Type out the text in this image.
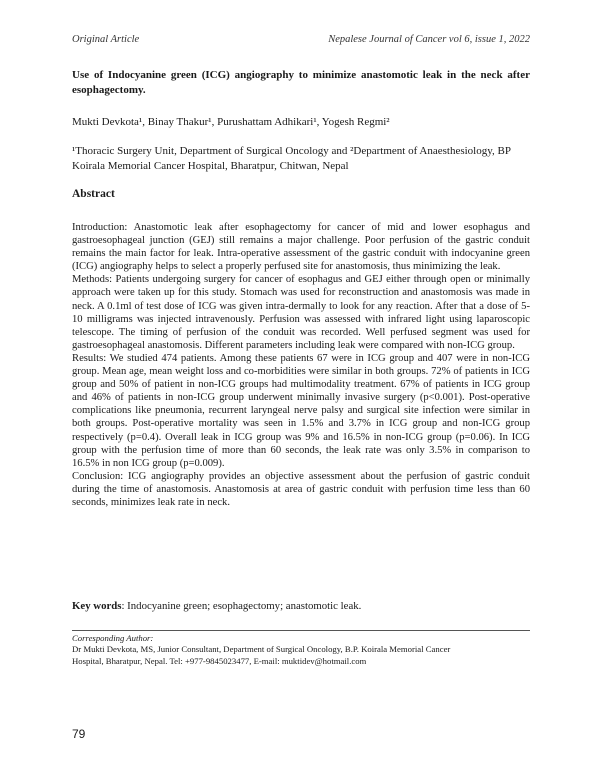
Original Article	Nepalese Journal of Cancer vol 6, issue 1, 2022
Use of Indocyanine green (ICG) angiography to minimize anastomotic leak in the neck after esophagectomy.
Mukti Devkota¹, Binay Thakur¹, Purushattam Adhikari¹, Yogesh Regmi²
¹Thoracic Surgery Unit, Department of Surgical Oncology and ²Department of Anaesthesiology, BP Koirala Memorial Cancer Hospital, Bharatpur, Chitwan, Nepal
Abstract

Introduction: Anastomotic leak after esophagectomy for cancer of mid and lower esophagus and gastroesophageal junction (GEJ) still remains a major challenge. Poor perfusion of the gastric conduit remains the main factor for leak. Intra-operative assessment of the gastric conduit with indocyanine green (ICG) angiography helps to select a properly perfused site for anastomosis, thus minimizing the leak.

Methods: Patients undergoing surgery for cancer of esophagus and GEJ either through open or minimally approach were taken up for this study. Stomach was used for reconstruction and anastomosis was made in neck. A 0.1ml of test dose of ICG was given intra-dermally to look for any reaction. After that a dose of 5-10 milligrams was injected intravenously. Perfusion was assessed with infrared light using laparoscopic telescope. The timing of perfusion of the conduit was recorded. Well perfused segment was used for gastroesophageal anastomosis. Different parameters including leak were compared with non-ICG group.

Results: We studied 474 patients. Among these patients 67 were in ICG group and 407 were in non-ICG group. Mean age, mean weight loss and co-morbidities were similar in both groups. 72% of patients in ICG group and 50% of patient in non-ICG groups had multimodality treatment. 67% of patients in ICG group and 46% of patients in non-ICG group underwent minimally invasive surgery (p<0.001). Post-operative complications like pneumonia, recurrent laryngeal nerve palsy and surgical site infection were similar in both groups. Post-operative mortality was seen in 1.5% and 3.7% in ICG group and non-ICG group respectively (p=0.4). Overall leak in ICG group was 9% and 16.5% in non-ICG group (p=0.06). In ICG group with the perfusion time of more than 60 seconds, the leak rate was only 3.5% in comparison to 16.5% in non ICG group (p=0.009).

Conclusion: ICG angiography provides an objective assessment about the perfusion of gastric conduit during the time of anastomosis. Anastomosis at area of gastric conduit with perfusion time less than 60 seconds, minimizes leak rate in neck.

Key words: Indocyanine green; esophagectomy; anastomotic leak.
Corresponding Author:
Dr Mukti Devkota, MS, Junior Consultant, Department of Surgical Oncology, B.P. Koirala Memorial Cancer
Hospital, Bharatpur, Nepal. Tel: +977-9845023477, E-mail: muktidev@hotmail.com
79
